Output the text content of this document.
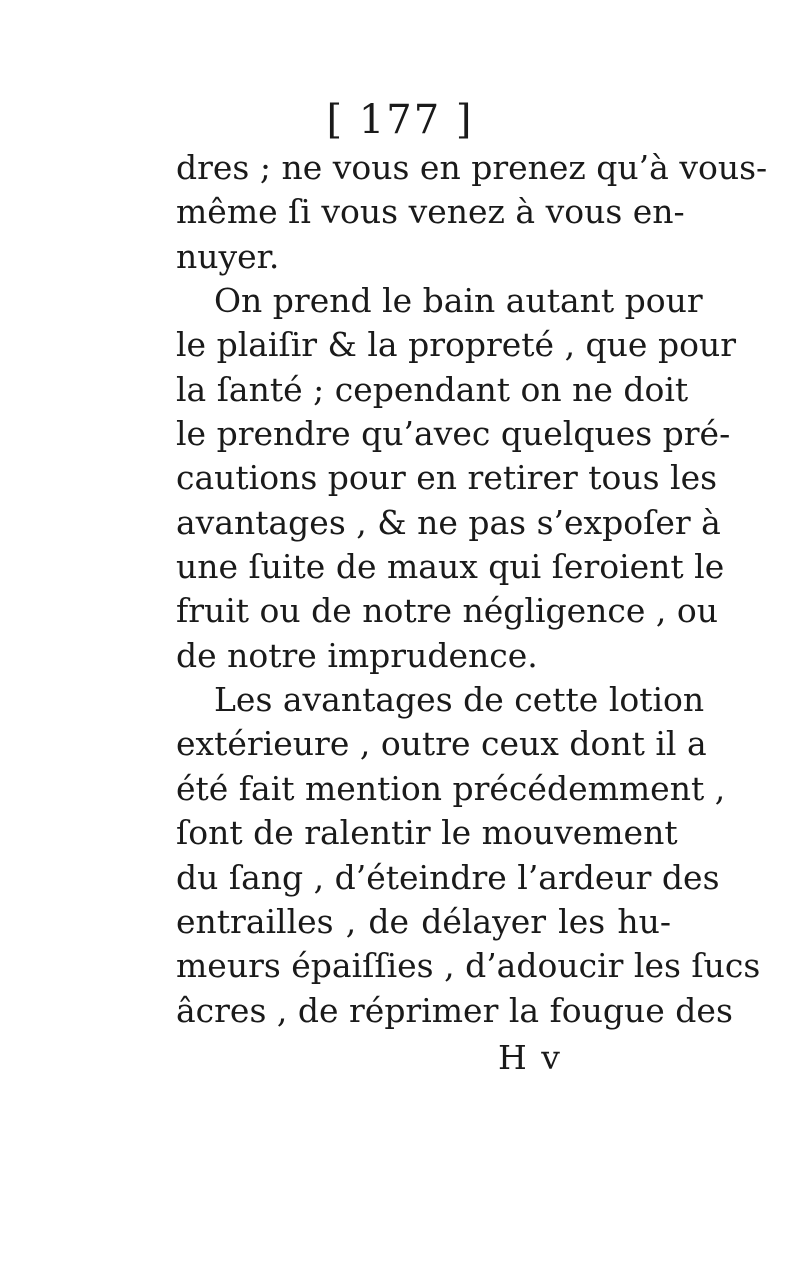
[ 177 ]
dres ; ne vous en prenez qu’à vous-
même ſi vous venez à vous en-
nuyer.
On prend le bain autant pour
le plaiſir & la propreté , que pour
la ſanté ; cependant on ne doit
le prendre qu’avec quelques pré-
cautions pour en retirer tous les
avantages , & ne pas s’expoſer à
une ſuite de maux qui ſeroient le
fruit ou de notre négligence , ou
de notre imprudence.
Les avantages de cette lotion
extérieure , outre ceux dont il a
été fait mention précédemment ,
ſont de ralentir le mouvement
du ſang , d’éteindre l’ardeur des
entrailles , de délayer les hu-
meurs épaiſſies , d’adoucir les ſucs
âcres , de réprimer la fougue des
H v
